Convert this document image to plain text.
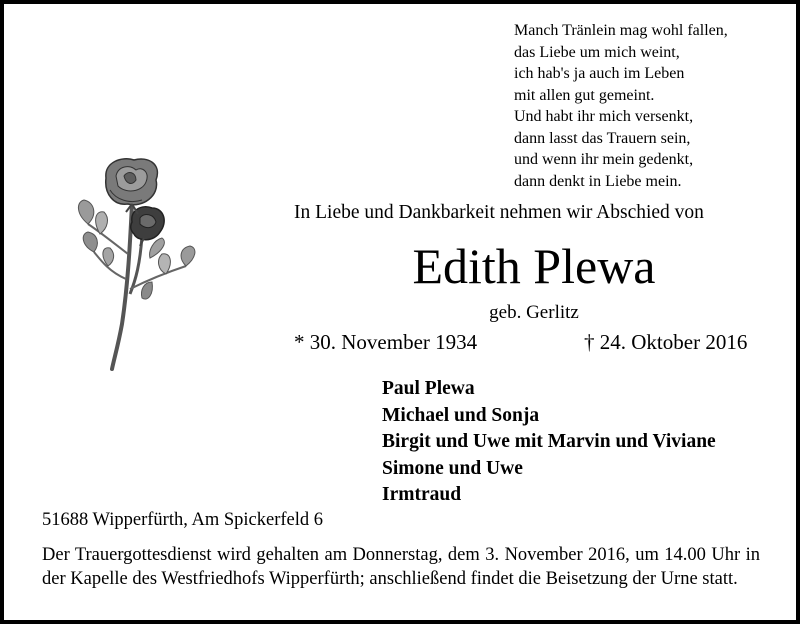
Manch Tränlein mag wohl fallen,
das Liebe um mich weint,
ich hab's ja auch im Leben
mit allen gut gemeint.
Und habt ihr mich versenkt,
dann lasst das Trauern sein,
und wenn ihr mein gedenkt,
dann denkt in Liebe mein.
In Liebe und Dankbarkeit nehmen wir Abschied von
Edith Plewa
geb. Gerlitz
* 30. November 1934	† 24. Oktober 2016
Paul Plewa
Michael und Sonja
Birgit und Uwe mit Marvin und Viviane
Simone und Uwe
Irmtraud
51688 Wipperfürth, Am Spickerfeld 6
Der Trauergottesdienst wird gehalten am Donnerstag, dem 3. November 2016, um 14.00 Uhr in der Kapelle des Westfriedhofs Wipperfürth; anschließend findet die Beisetzung der Urne statt.
